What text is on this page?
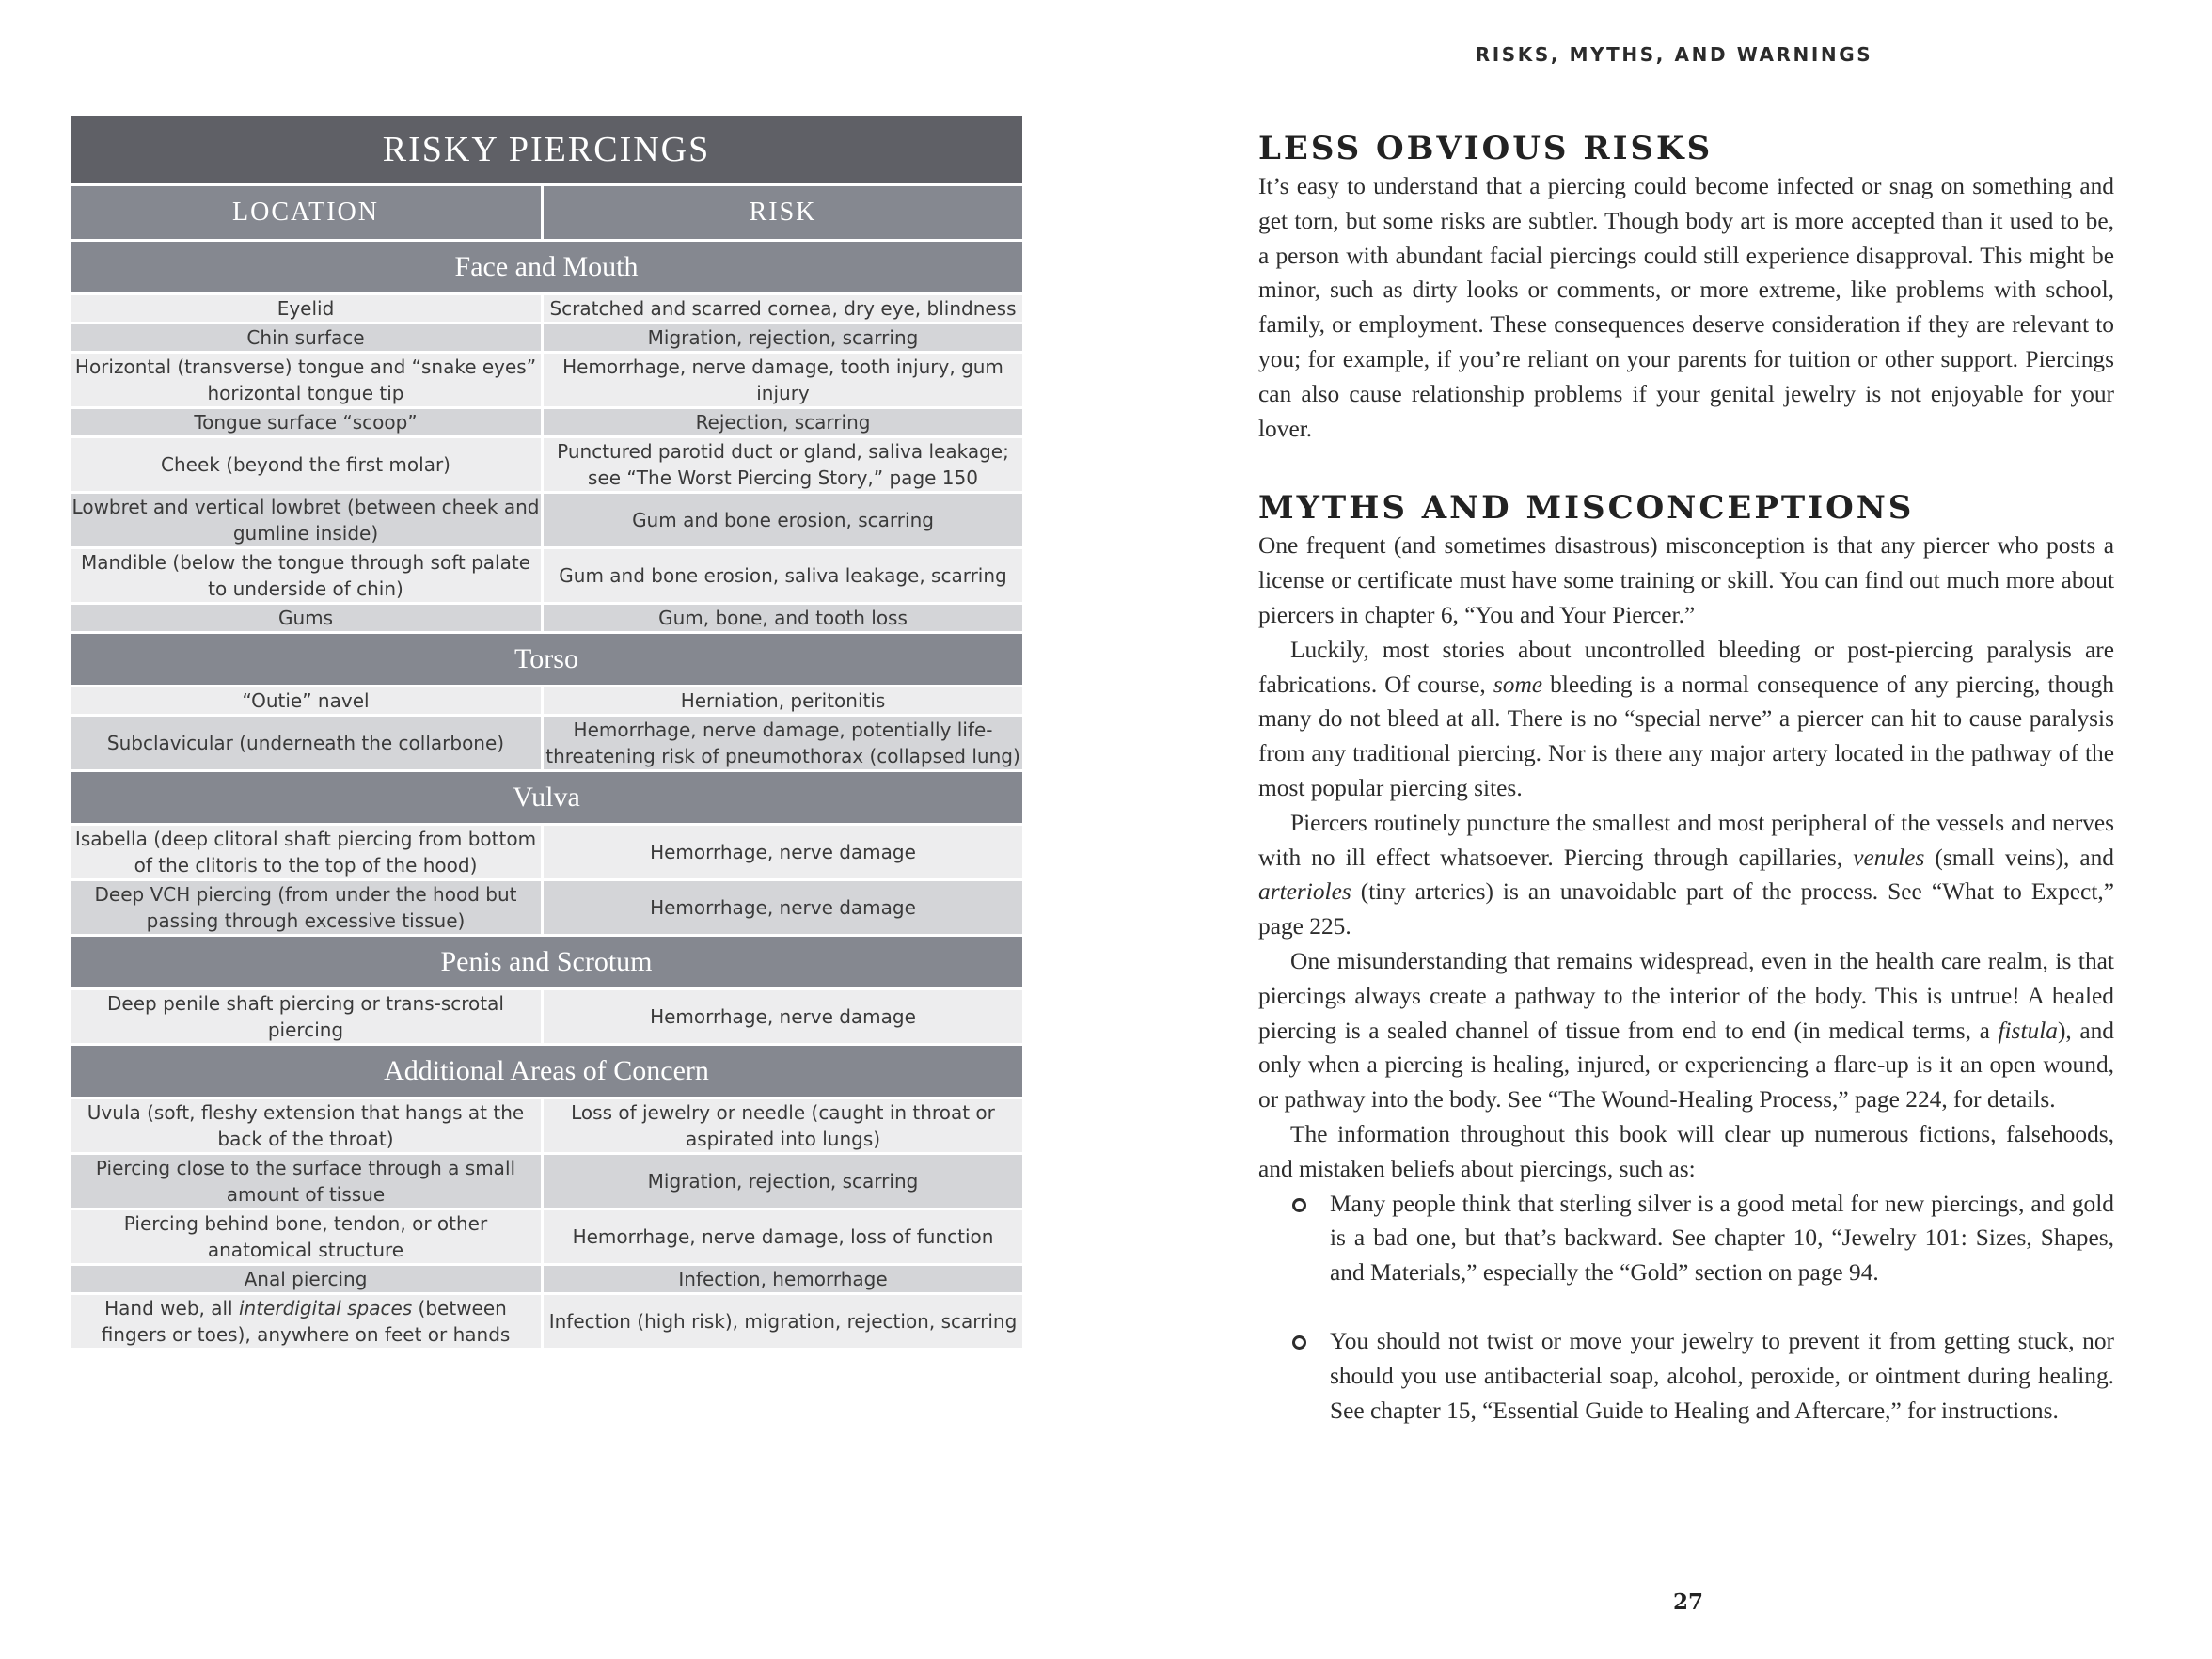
RISKS, MYTHS, AND WARNINGS
RISKY PIERCINGS	
LOCATION	RISK
Face and Mouth	
Eyelid	Scratched and scarred cornea, dry eye, blindness
Chin surface	Migration, rejection, scarring
Horizontal (transverse) tongue and “snake eyes” horizontal tongue tip	Hemorrhage, nerve damage, tooth injury, gum injury
Tongue surface “scoop”	Rejection, scarring
Cheek (beyond the first molar)	Punctured parotid duct or gland, saliva leakage; see “The Worst Piercing Story,” page 150
Lowbret and vertical lowbret (between cheek and gumline inside)	Gum and bone erosion, scarring
Mandible (below the tongue through soft palate to underside of chin)	Gum and bone erosion, saliva leakage, scarring
Gums	Gum, bone, and tooth loss
Torso	
“Outie” navel	Herniation, peritonitis
Subclavicular (underneath the collarbone)	Hemorrhage, nerve damage, potentially life-threatening risk of pneumothorax (collapsed lung)
Vulva	
Isabella (deep clitoral shaft piercing from bottom of the clitoris to the top of the hood)	Hemorrhage, nerve damage
Deep VCH piercing (from under the hood but passing through excessive tissue)	Hemorrhage, nerve damage
Penis and Scrotum	
Deep penile shaft piercing or trans-scrotal piercing	Hemorrhage, nerve damage
Additional Areas of Concern	
Uvula (soft, fleshy extension that hangs at the back of the throat)	Loss of jewelry or needle (caught in throat or aspirated into lungs)
Piercing close to the surface through a small amount of tissue	Migration, rejection, scarring
Piercing behind bone, tendon, or other anatomical structure	Hemorrhage, nerve damage, loss of function
Anal piercing	Infection, hemorrhage
Hand web, all interdigital spaces (between fingers or toes), anywhere on feet or hands	Infection (high risk), migration, rejection, scarring
LESS OBVIOUS RISKS

It’s easy to understand that a piercing could become infected or snag on something and get torn, but some risks are subtler. Though body art is more accepted than it used to be, a person with abundant facial piercings could still experience disapproval. This might be minor, such as dirty looks or comments, or more extreme, like problems with school, family, or employment. These consequences deserve consideration if they are relevant to you; for example, if you’re reliant on your parents for tuition or other support. Piercings can also cause relationship problems if your genital jewelry is not enjoyable for your lover.

MYTHS AND MISCONCEPTIONS

One frequent (and sometimes disastrous) misconception is that any piercer who posts a license or certificate must have some training or skill. You can find out much more about piercers in chapter 6, “You and Your Piercer.”

Luckily, most stories about uncontrolled bleeding or post-piercing paralysis are fabrications. Of course, some bleeding is a normal consequence of any piercing, though many do not bleed at all. There is no “special nerve” a piercer can hit to cause paralysis from any traditional piercing. Nor is there any major artery located in the pathway of the most popular piercing sites.

Piercers routinely puncture the smallest and most peripheral of the vessels and nerves with no ill effect whatsoever. Piercing through capillaries, venules (small veins), and arterioles (tiny arteries) is an unavoidable part of the process. See “What to Expect,” page 225.

One misunderstanding that remains widespread, even in the health care realm, is that piercings always create a pathway to the interior of the body. This is untrue! A healed piercing is a sealed channel of tissue from end to end (in medical terms, a fistula), and only when a piercing is healing, injured, or experiencing a flare-up is it an open wound, or pathway into the body. See “The Wound-Healing Process,” page 224, for details.

The information throughout this book will clear up numerous fictions, falsehoods, and mistaken beliefs about piercings, such as:

Many people think that sterling silver is a good metal for new piercings, and gold is a bad one, but that’s backward. See chapter 10, “Jewelry 101: Sizes, Shapes, and Materials,” especially the “Gold” section on page 94.
You should not twist or move your jewelry to prevent it from getting stuck, nor should you use antibacterial soap, alcohol, peroxide, or ointment during healing. See chapter 15, “Essential Guide to Healing and Aftercare,” for instructions.
27
